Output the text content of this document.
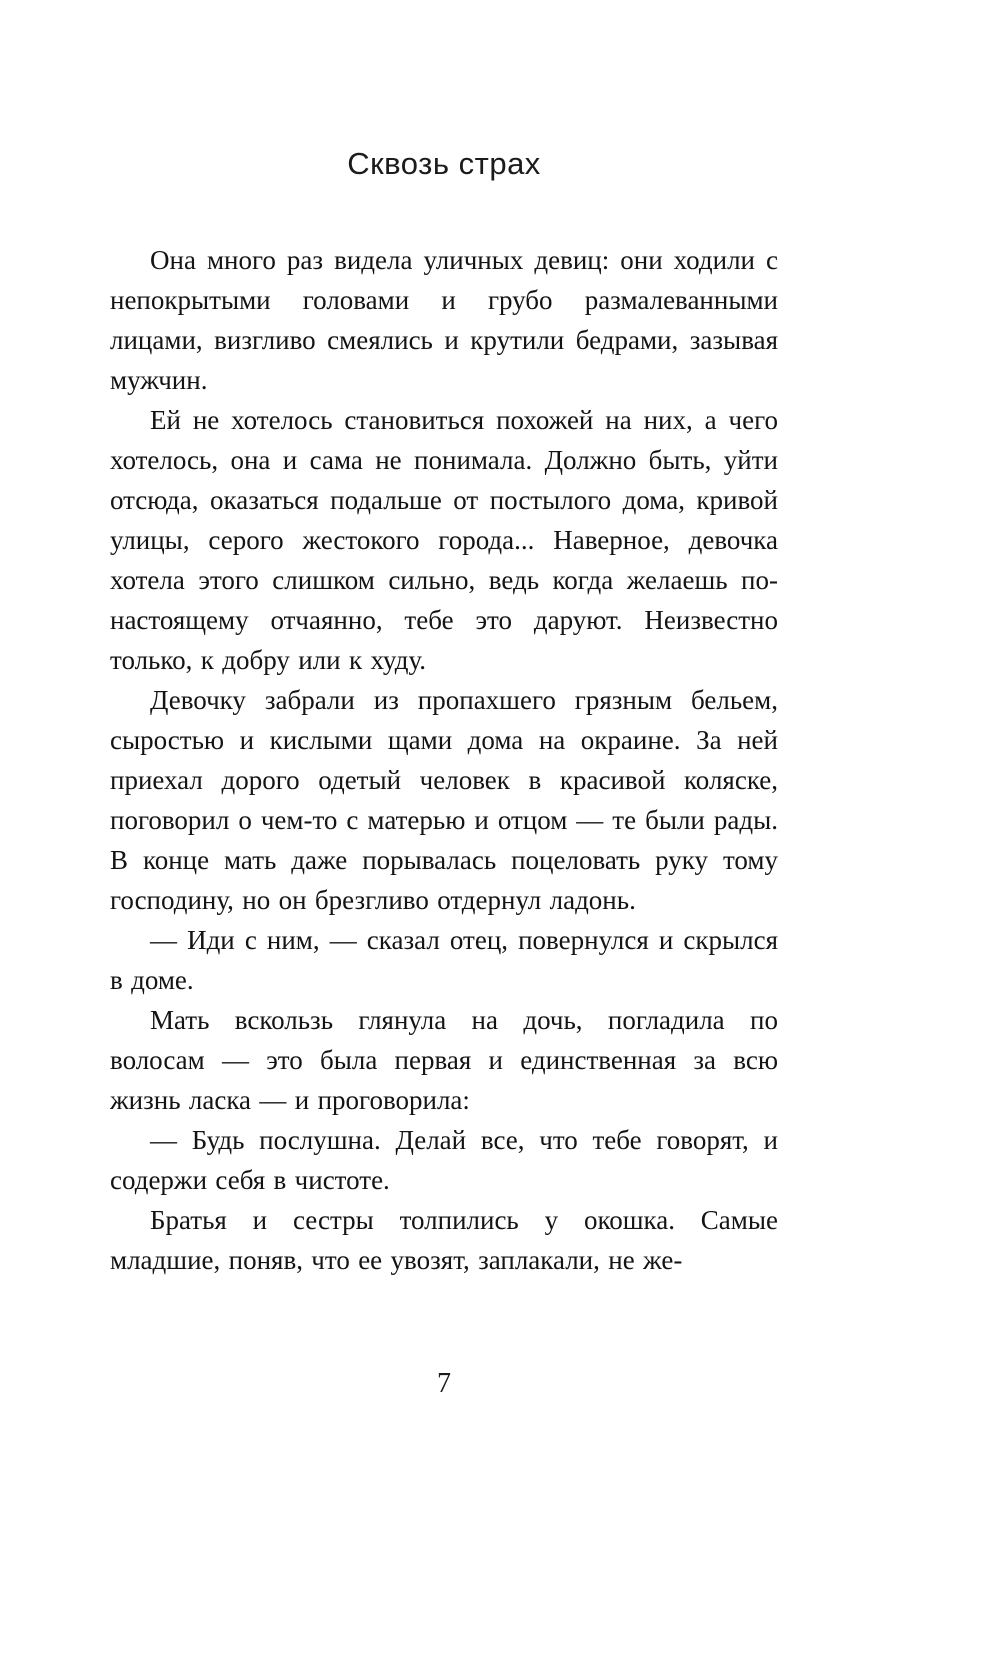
Сквозь страх

Она много раз видела уличных девиц: они ходили с непокрытыми головами и грубо размалеванными лицами, визгливо смеялись и крутили бедрами, зазывая мужчин.

Ей не хотелось становиться похожей на них, а чего хотелось, она и сама не понимала. Должно быть, уйти отсюда, оказаться подальше от постылого дома, кривой улицы, серого жестокого города... Наверное, девочка хотела этого слишком сильно, ведь когда желаешь по-настоящему отчаянно, тебе это даруют. Неизвестно только, к добру или к худу.

Девочку забрали из пропахшего грязным бельем, сыростью и кислыми щами дома на окраине. За ней приехал дорого одетый человек в красивой коляске, поговорил о чем-то с матерью и отцом — те были рады. В конце мать даже порывалась поцеловать руку тому господину, но он брезгливо отдернул ладонь.

— Иди с ним, — сказал отец, повернулся и скрылся в доме.

Мать вскользь глянула на дочь, погладила по волосам — это была первая и единственная за всю жизнь ласка — и проговорила:

— Будь послушна. Делай все, что тебе говорят, и содержи себя в чистоте.

Братья и сестры толпились у окошка. Самые младшие, поняв, что ее увозят, заплакали, не же-

7
